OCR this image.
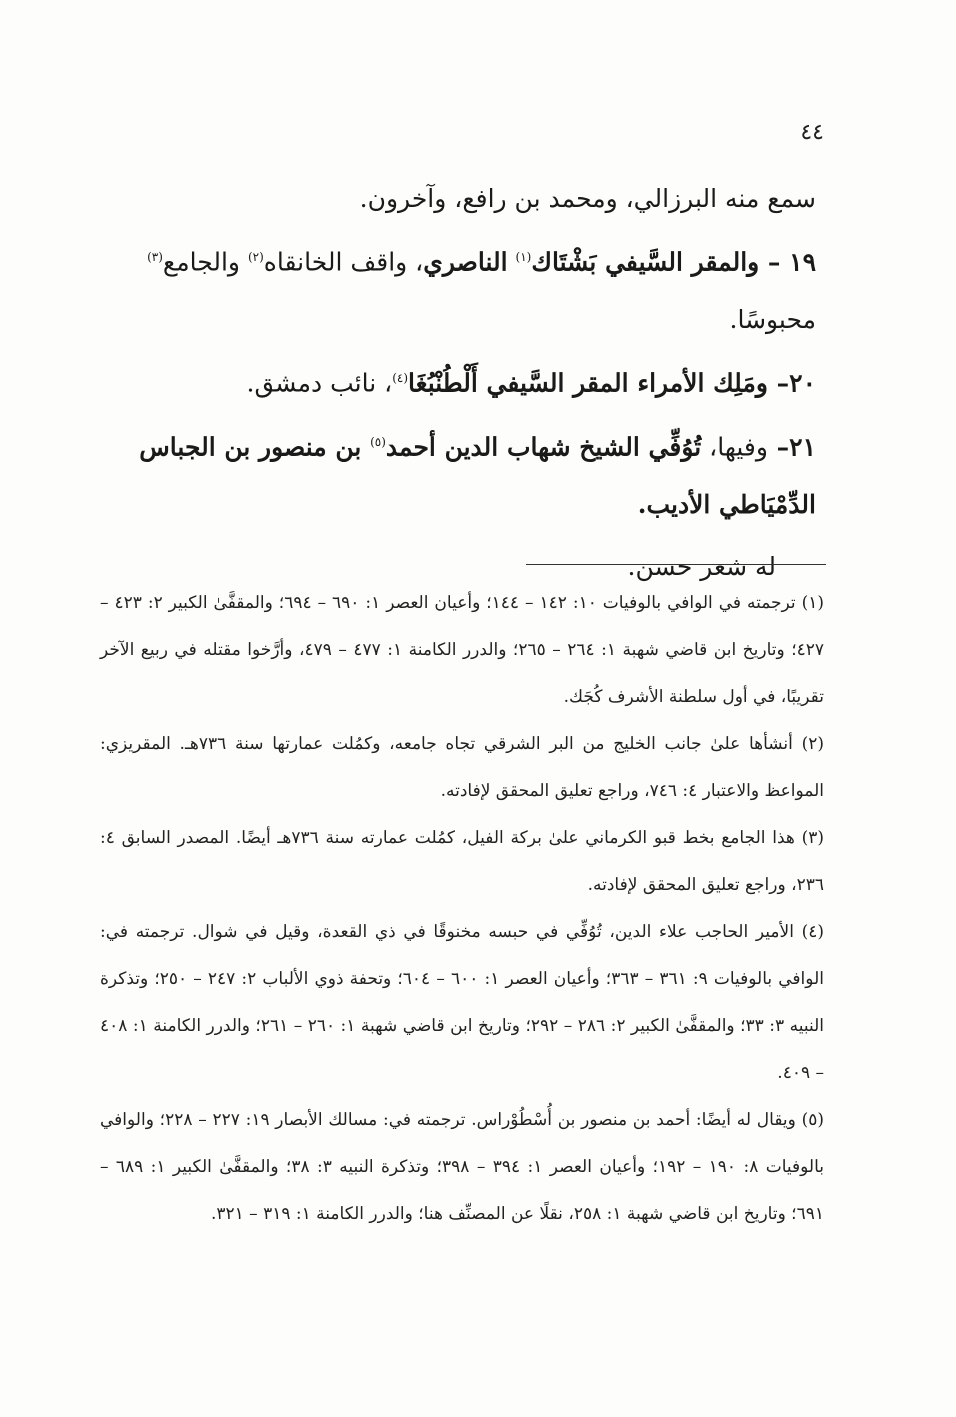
٤٤

سمع منه البرزالي، ومحمد بن رافع، وآخرون.

١٩ – والمقر السَّيفي بَشْتَاك$^{(١)}$ الناصري، واقف الخانقاه$^{(٢)}$ والجامع$^{(٣)}$ محبوسًا.

٢٠– ومَلِك الأمراء المقر السَّيفي أَلْطُنْبُغَا$^{(٤)}$، نائب دمشق.

٢١– وفيها، تُوُفِّي الشيخ شهاب الدين أحمد$^{(٥)}$ بن منصور بن الجباس

الدِّمْيَاطي الأديب.

له شعر حسن.

(١) ترجمته في الوافي بالوفيات ١٠: ١٤٢ – ١٤٤؛ وأعيان العصر ١: ٦٩٠ – ٦٩٤؛ والمقفَّىٰ الكبير ٢: ٤٢٣ – ٤٢٧؛ وتاريخ ابن قاضي شهبة ١: ٢٦٤ – ٢٦٥؛ والدرر الكامنة ١: ٤٧٧ – ٤٧٩، وأرَّخوا مقتله في ربيع الآخر تقريبًا، في أول سلطنة الأشرف كُجَك.

(٢) أنشأها علىٰ جانب الخليج من البر الشرقي تجاه جامعه، وكمُلت عمارتها سنة ٧٣٦هـ. المقريزي: المواعظ والاعتبار ٤: ٧٤٦، وراجع تعليق المحقق لإفادته.

(٣) هذا الجامع بخط قبو الكرماني علىٰ بركة الفيل، كمُلت عمارته سنة ٧٣٦هـ أيضًا. المصدر السابق ٤: ٢٣٦، وراجع تعليق المحقق لإفادته.

(٤) الأمير الحاجب علاء الدين، تُوُفِّي في حبسه مخنوقًا في ذي القعدة، وقيل في شوال. ترجمته في: الوافي بالوفيات ٩: ٣٦١ – ٣٦٣؛ وأعيان العصر ١: ٦٠٠ – ٦٠٤؛ وتحفة ذوي الألباب ٢: ٢٤٧ – ٢٥٠؛ وتذكرة النبيه ٣: ٣٣؛ والمقفَّىٰ الكبير ٢: ٢٨٦ – ٢٩٢؛ وتاريخ ابن قاضي شهبة ١: ٢٦٠ – ٢٦١؛ والدرر الكامنة ١: ٤٠٨ – ٤٠٩.

(٥) ويقال له أيضًا: أحمد بن منصور بن أُسْطُوْراس. ترجمته في: مسالك الأبصار ١٩: ٢٢٧ – ٢٢٨؛ والوافي بالوفيات ٨: ١٩٠ – ١٩٢؛ وأعيان العصر ١: ٣٩٤ – ٣٩٨؛ وتذكرة النبيه ٣: ٣٨؛ والمقفَّىٰ الكبير ١: ٦٨٩ – ٦٩١؛ وتاريخ ابن قاضي شهبة ١: ٢٥٨، نقلًا عن المصنِّف هنا؛ والدرر الكامنة ١: ٣١٩ – ٣٢١.
